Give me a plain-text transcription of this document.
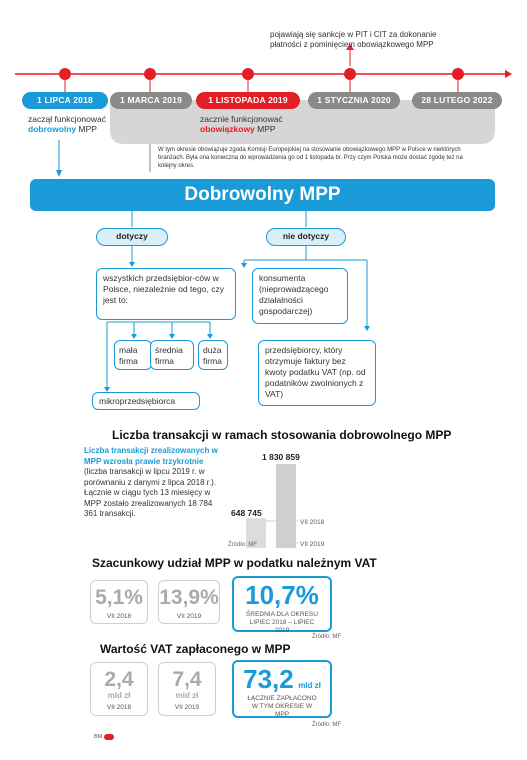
pojawiają się sankcje w PIT i CIT za dokonanie płatności z pominięciem obowiązkowego MPP
1 LIPCA 2018	1 MARCA 2019	1 LISTOPADA 2019	1 STYCZNIA 2020	28 LUTEGO 2022
zaczął funkcjonować
dobrowolny MPP
zacznie funkcjonować
obowiązkowy MPP
W tym okresie obowiązuje zgoda Komisji Europejskiej na stosowanie obowiązkowego MPP w Polsce w niektórych branżach. Była ona konieczna do wprowadzenia go od 1 listopada br. Przy czym Polska może dostać zgodę też na kolejny okres.
Dobrowolny MPP
dotyczy	nie dotyczy
wszystkich przedsiębior-ców w Polsce, niezależnie od tego, czy jest to:
mała firma
średnia firma
duża firma
mikroprzedsiębiorca
konsumenta (nieprowadzącego działalności gospodarczej)
przedsiębiorcy, który otrzymuje faktury bez kwoty podatku VAT (np. od podatników zwolnionych z VAT)
Liczba transakcji w ramach stosowania dobrowolnego MPP
Liczba transakcji zrealizowanych w MPP wzrosła prawie trzykrotnie (liczba transakcji w lipcu 2019 r. w porównaniu z danymi z lipca 2018 r.). Łącznie w ciągu tych 13 miesięcy w MPP zostało zrealizowanych 18 784 361 transakcji.	648 745
1 830 859
VII 2018
VII 2019
Źródło: MF
Szacunkowy udział MPP w podatku należnym VAT
5,1%
VII 2018
13,9%
VII 2019
10,7%
ŚREDNIA DLA OKRESU LIPIEC 2018 – LIPIEC 2019
Źródło: MF
Wartość VAT zapłaconego w MPP
2,4
mld zł
VII 2018
7,4
mld zł
VII 2019
73,2 mld zł
ŁĄCZNIE ZAPŁACONO W TYM OKRESIE W MPP
Źródło: MF
BM
